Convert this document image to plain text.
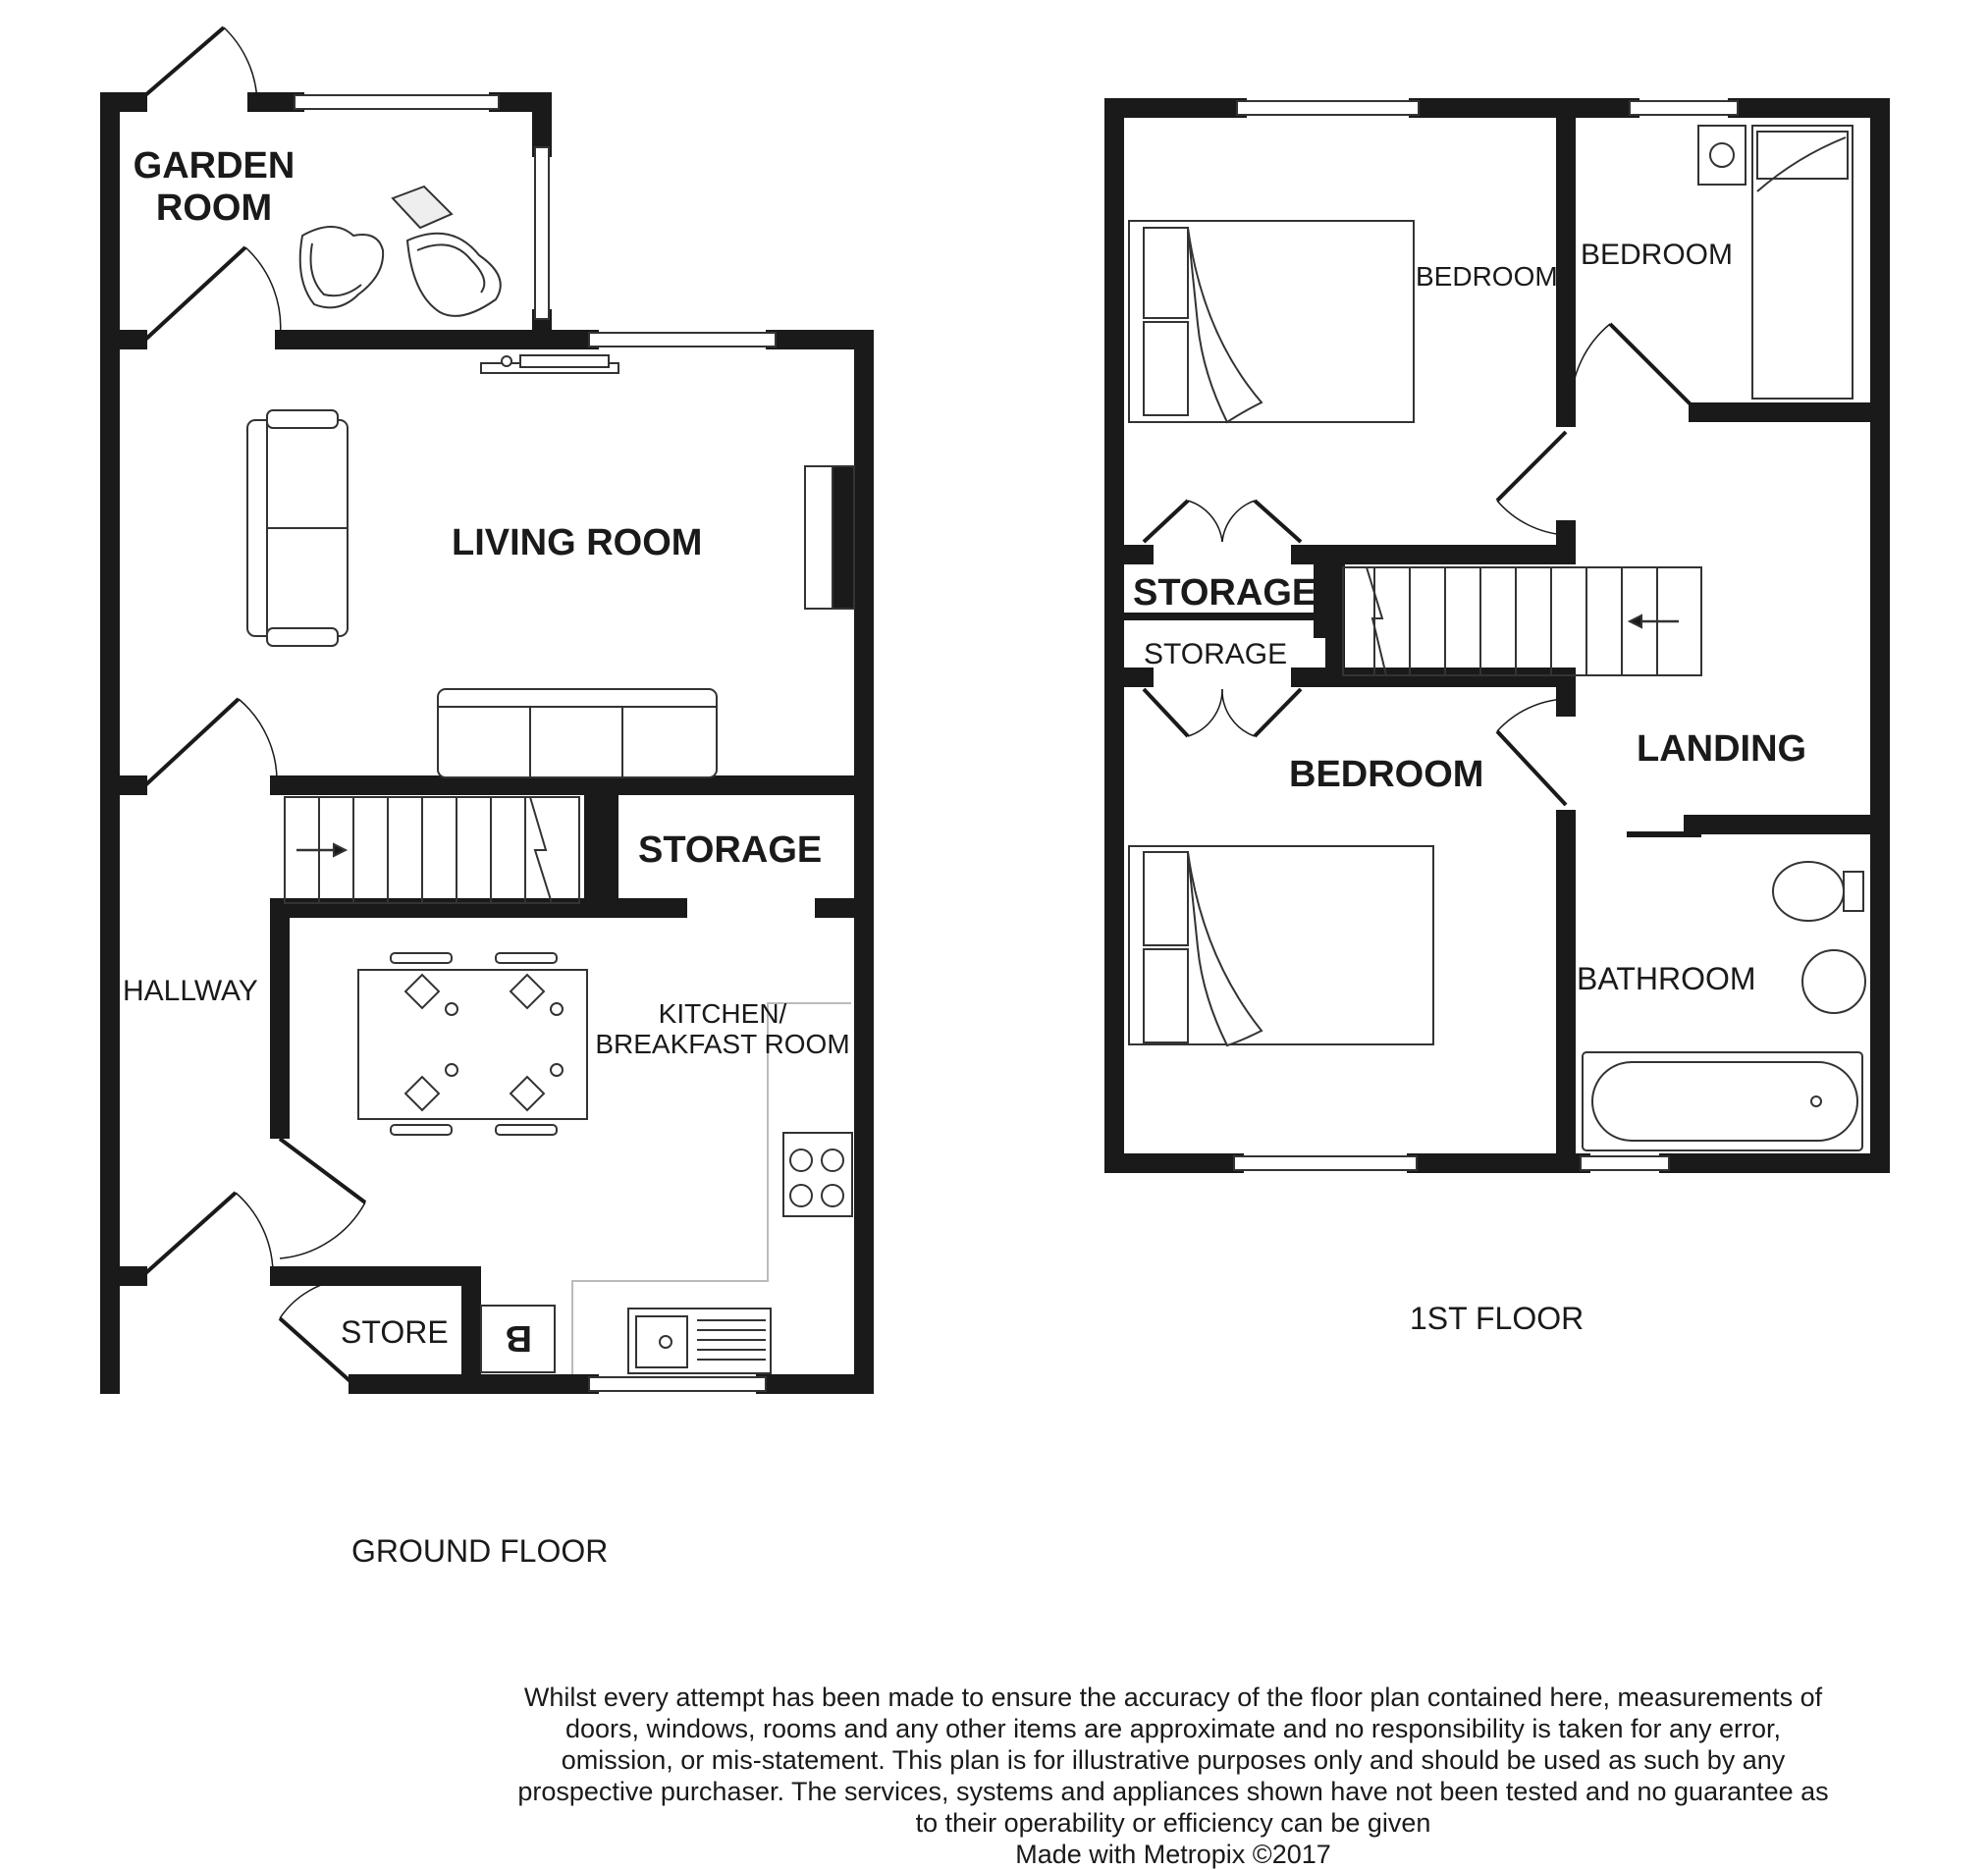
GARDEN
ROOM
LIVING ROOM
HALLWAY
STORAGE
KITCHEN/
BREAKFAST ROOM
STORE B
GROUND FLOOR
BEDROOM
BEDROOM
STORAGE
STORAGE
BEDROOM
LANDING
BATHROOM
1ST FLOOR
Whilst every attempt has been made to ensure the accuracy of the floor plan contained here, measurements of doors, windows, rooms and any other items are approximate and no responsibility is taken for any error, omission, or mis-statement. This plan is for illustrative purposes only and should be used as such by any prospective purchaser. The services, systems and appliances shown have not been tested and no guarantee as to their operability or efficiency can be given
Made with Metropix ©2017
